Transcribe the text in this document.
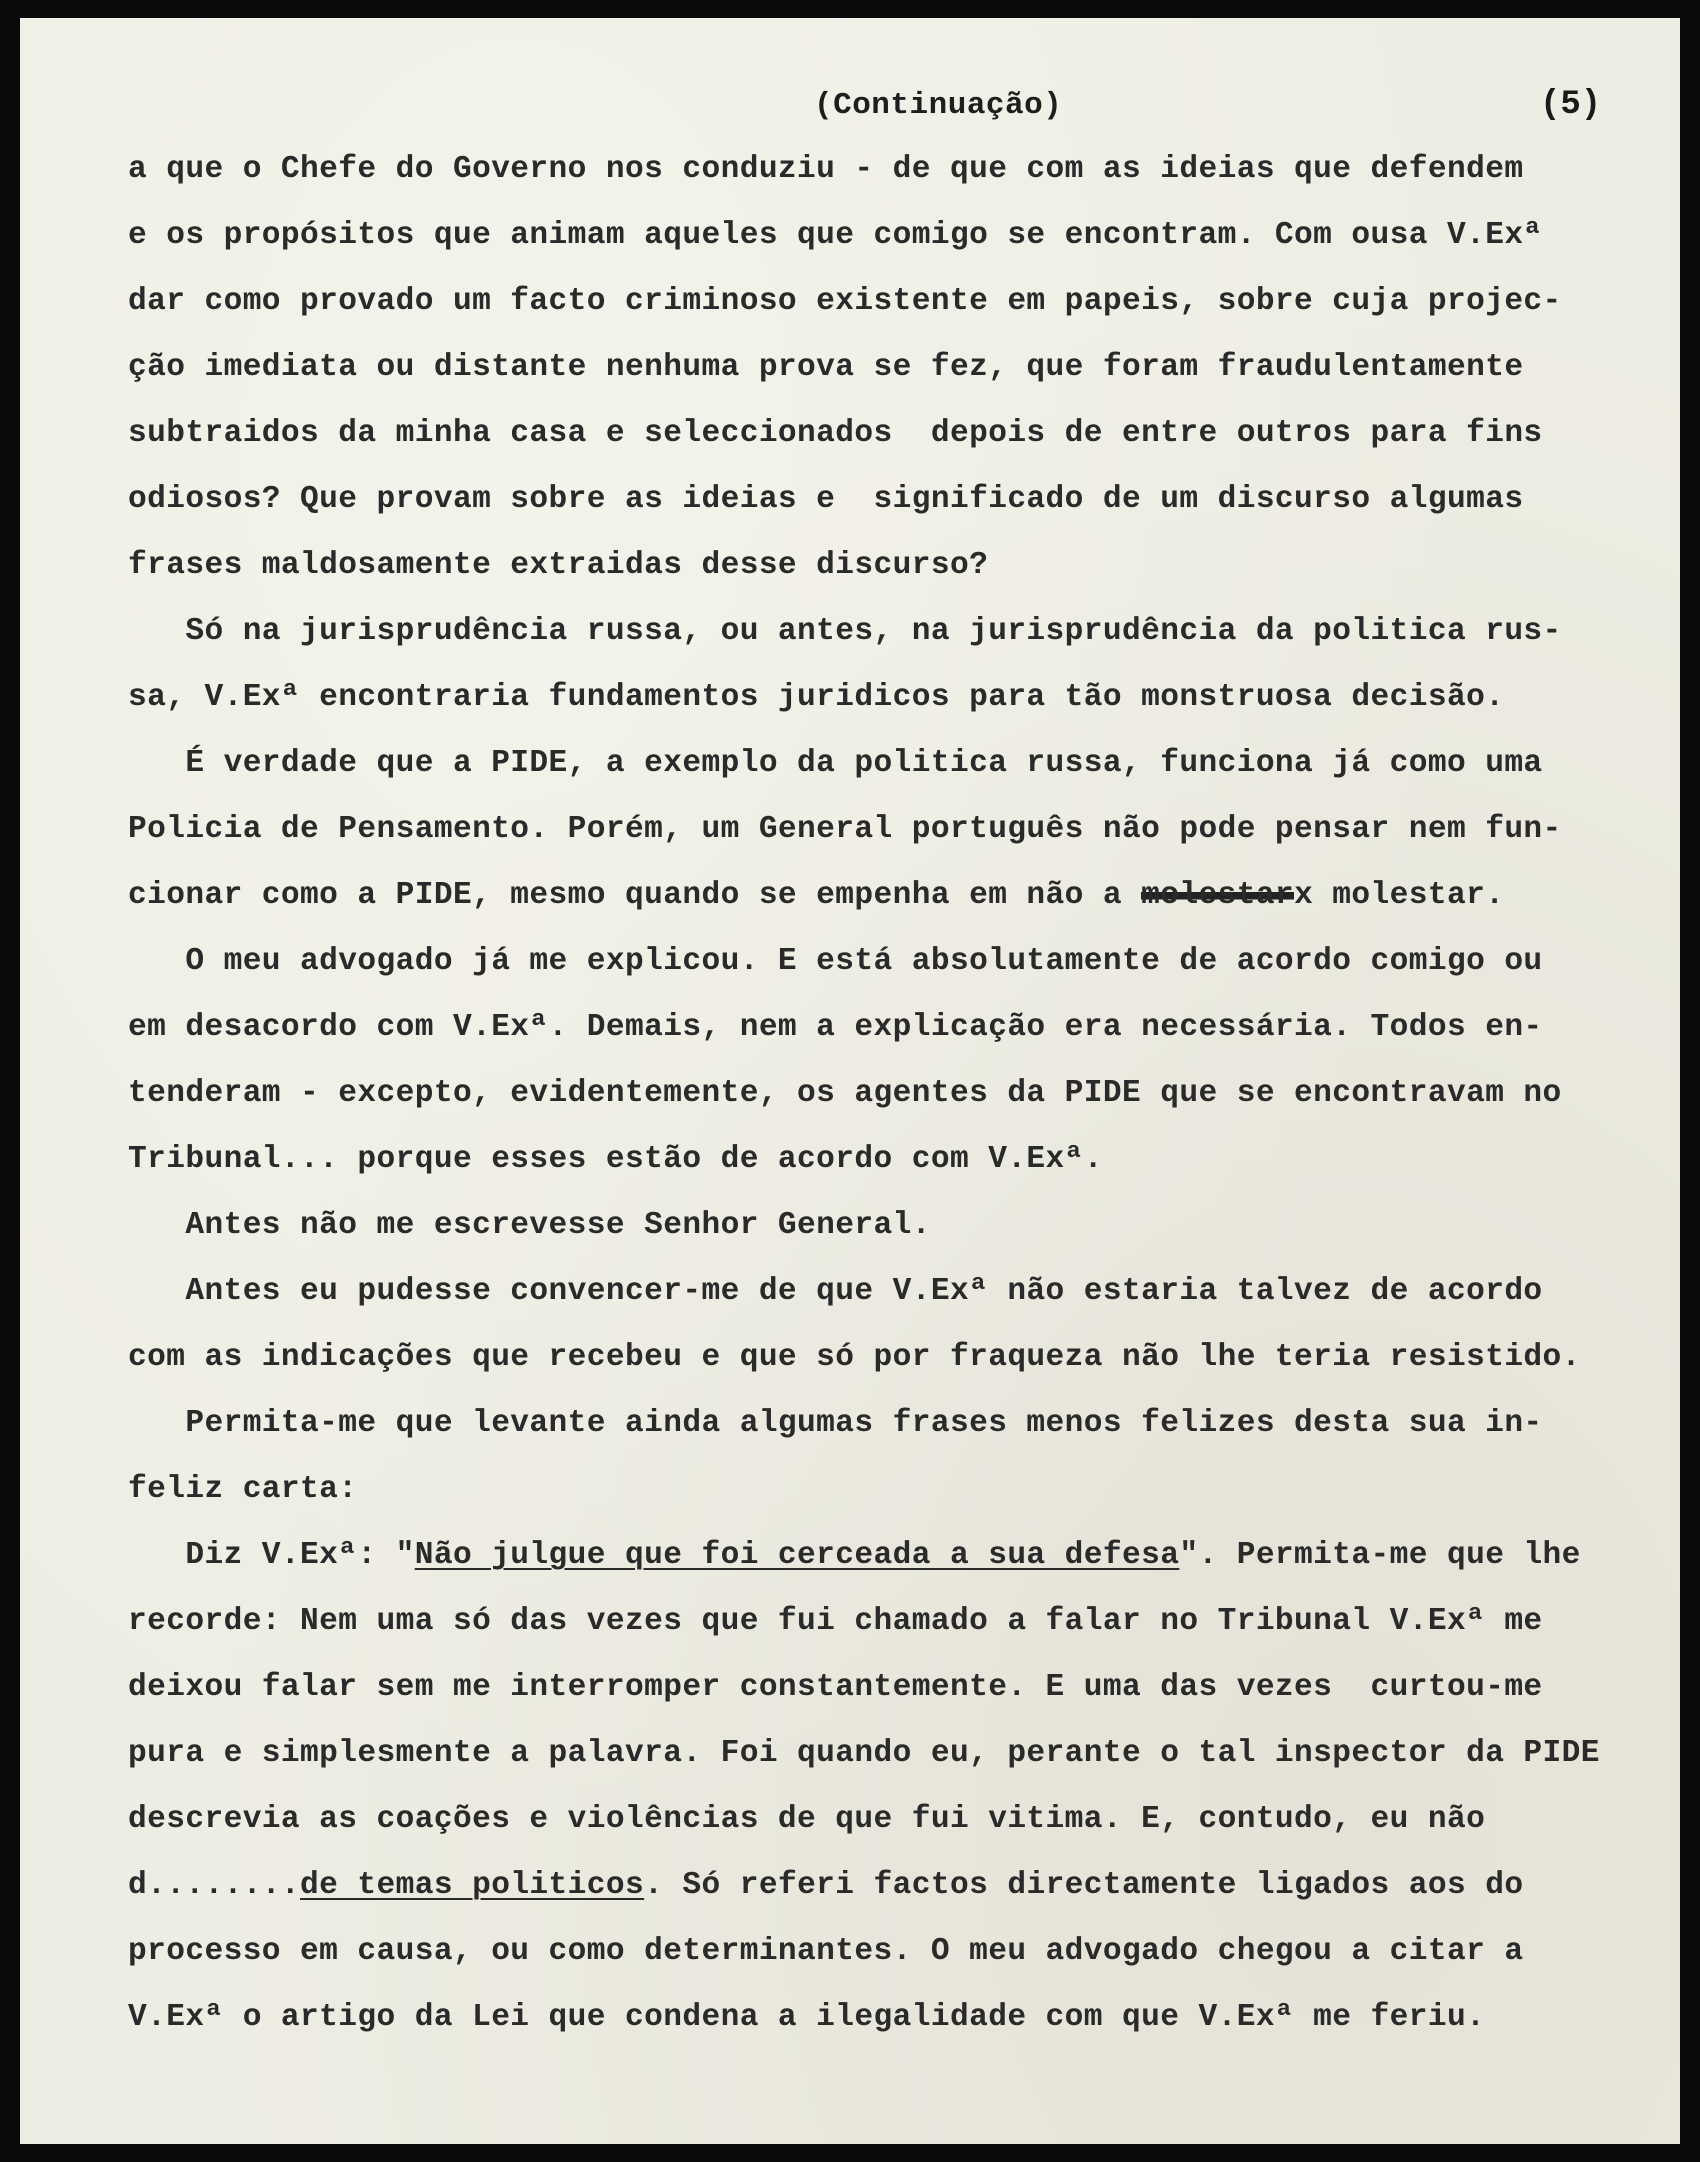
(Continuação)	(5)
a que o Chefe do Governo nos conduziu - de que com as ideias que defendem
e os propósitos que animam aqueles que comigo se encontram. Com ousa V.Exª
dar como provado um facto criminoso existente em papeis, sobre cuja projec-
ção imediata ou distante nenhuma prova se fez, que foram fraudulentamente
subtraidos da minha casa e seleccionados  depois de entre outros para fins
odiosos? Que provam sobre as ideias e  significado de um discurso algumas
frases maldosamente extraidas desse discurso?
Só na jurisprudência russa, ou antes, na jurisprudência da politica rus-
sa, V.Exª encontraria fundamentos juridicos para tão monstruosa decisão.
É verdade que a PIDE, a exemplo da politica russa, funciona já como uma
Policia de Pensamento. Porém, um General português não pode pensar nem fun-
cionar como a PIDE, mesmo quando se empenha em não a molestarx molestar.
O meu advogado já me explicou. E está absolutamente de acordo comigo ou
em desacordo com V.Exª. Demais, nem a explicação era necessária. Todos en-
tenderam - excepto, evidentemente, os agentes da PIDE que se encontravam no
Tribunal... porque esses estão de acordo com V.Exª.
Antes não me escrevesse Senhor General.
Antes eu pudesse convencer-me de que V.Exª não estaria talvez de acordo
com as indicações que recebeu e que só por fraqueza não lhe teria resistido.
Permita-me que levante ainda algumas frases menos felizes desta sua in-
feliz carta:
Diz V.Exª: "Não julgue que foi cerceada a sua defesa". Permita-me que lhe
recorde: Nem uma só das vezes que fui chamado a falar no Tribunal V.Exª me
deixou falar sem me interromper constantemente. E uma das vezes  curtou-me
pura e simplesmente a palavra. Foi quando eu, perante o tal inspector da PIDE
descrevia as coações e violências de que fui vitima. E, contudo, eu não
d........de temas politicos. Só referi factos directamente ligados aos do
processo em causa, ou como determinantes. O meu advogado chegou a citar a
V.Exª o artigo da Lei que condena a ilegalidade com que V.Exª me feriu.
